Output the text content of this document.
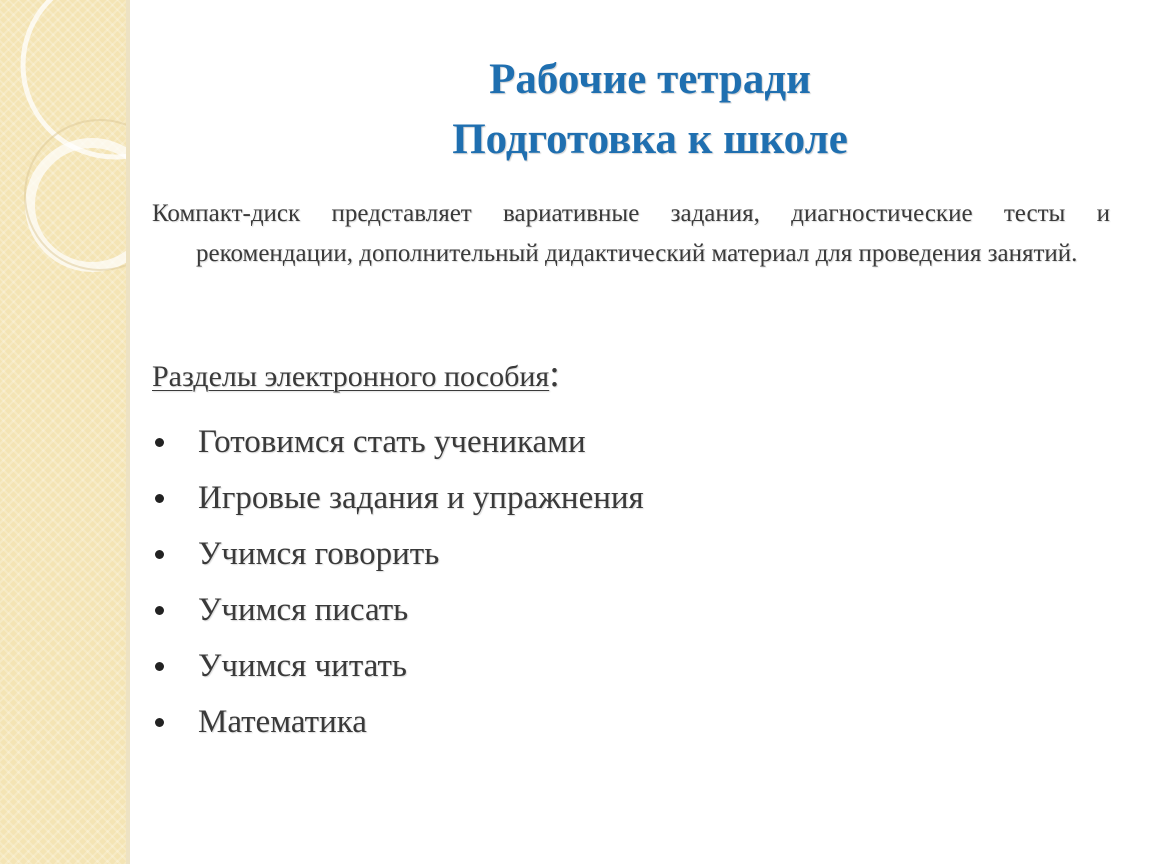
Рабочие тетради
Подготовка к школе

Компакт-диск представляет вариативные задания, диагностические тесты и рекомендации, дополнительный дидактический материал для проведения занятий.

Разделы электронного пособия:

Готовимся стать учениками
Игровые задания и упражнения
Учимся говорить
Учимся писать
Учимся читать
Математика
